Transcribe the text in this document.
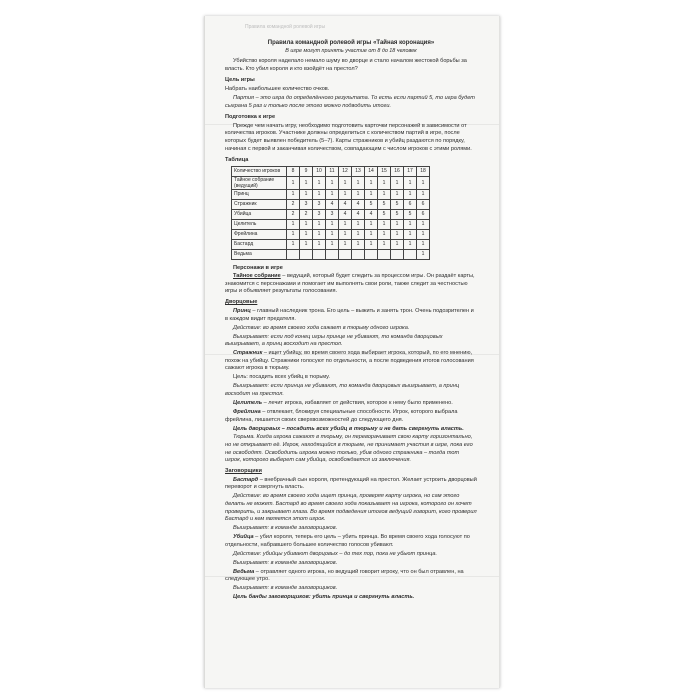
Правила командной ролевой игры «Тайная коронация»
В игре могут принять участие от 8 до 18 человек

Убийство короля наделало немало шуму во дворце и стало началом жестокой борьбы за власть. Кто убил короля и кто взойдёт на престол?

Цель игры

Набрать наибольшее количество очков.

Партия – это игра до определённого результата. То есть если партий 5, то игра будет сыграна 5 раз и только после этого можно подводить итоги.

Подготовка к игре

Прежде чем начать игру, необходимо подготовить карточки персонажей в зависимости от количества игроков. Участнике должны определиться с количеством партий в игре, после которых будет выявлен победитель (5–7). Карты стражников и убийц раздаются по порядку, начиная с первой и заканчивая количеством, совпадающим с числом игроков с этими ролями.

Таблица

Количество игроков	8	9	10	11	12	13	14	15	16	17	18
Тайное собрание (ведущий)	1	1	1	1	1	1	1	1	1	1	1
Принц	1	1	1	1	1	1	1	1	1	1	1
Стражник	2	3	3	4	4	4	5	5	5	6	6
Убийца	2	2	3	3	4	4	4	5	5	5	6
Целитель	1	1	1	1	1	1	1	1	1	1	1
Фрейлина	1	1	1	1	1	1	1	1	1	1	1
Бастард	1	1	1	1	1	1	1	1	1	1	1
Ведьма											1

Персонажи в игре

Тайное собрание – ведущий, который будет следить за процессом игры. Он раздаёт карты, знакомится с персонажами и помогает им выполнять свои роли, также следит за честностью игры и объявляет результаты голосования.

Дворцовые

Принц – главный наследник трона. Его цель – выжить и занять трон. Очень подозрителен и в каждом видит предателя.

Действие: во время своего хода сажает в тюрьму одного игрока.

Выигрывает: если под конец игры принце не убивают, то команда дворцовых выигрывает, а принц восходит на престол.

Стражник – ищет убийцу, во время своего хода выбирает игрока, который, по его мнению, похож на убийцу. Стражники голосуют по отдельности, а после подведения итогов голосования сажают игрока в тюрьму.

Цель: посадить всех убийц в тюрьму.

Выигрывает: если принца не убивают, то команда дворцовых выигрывает, а принц восходит на престол.

Целитель – лечит игрока, избавляет от действия, которое к нему было применено.

Фрейлина – отвлекает, блокируя специальные способности. Игрок, которого выбрала фрейлина, лишается своих сверхвозможностей до следующего дня.

Цель дворцовых – посадить всех убийц в тюрьму и не дать свергнуть власть.

Тюрьма. Когда игрока сажают в тюрьму, он переворачивает свою карту горизонтально, но не открывает её. Игрок, находящийся в тюрьме, не принимает участия в игре, пока его не освободят. Освободить игрока можно только, убив одного стражника – тогда тот игрок, которого выберет сам убийца, освобождается из заключения.

Заговорщики

Бастард – внебрачный сын короля, претендующий на престол. Желает устроить дворцовый переворот и свергнуть власть.

Действие: во время своего хода ищет принца, проверяя карту игрока, но сам этого делать не может. Бастард во время своего хода показывает на игрока, которого он хочет проверить, и закрывает глаза. Во время подведения итогов ведущий говорит, кого проверил Бастард и кем является этот игрок.

Выигрывает: в команде заговорщиков.

Убийца – убил короля, теперь его цель – убить принца. Во время своего хода голосуют по отдельности, набравшего большее количество голосов убивают.

Действие: убийцы убивают дворцовых – до тех пор, пока не убьют принца.

Выигрывает: в команде заговорщиков.

Ведьма – отравляет одного игрока, но ведущий говорит игроку, что он был отравлен, на следующее утро.

Выигрывает: в команде заговорщиков.

Цель банды заговорщиков: убить принца и свергнуть власть.

Правила командной ролевой игры
